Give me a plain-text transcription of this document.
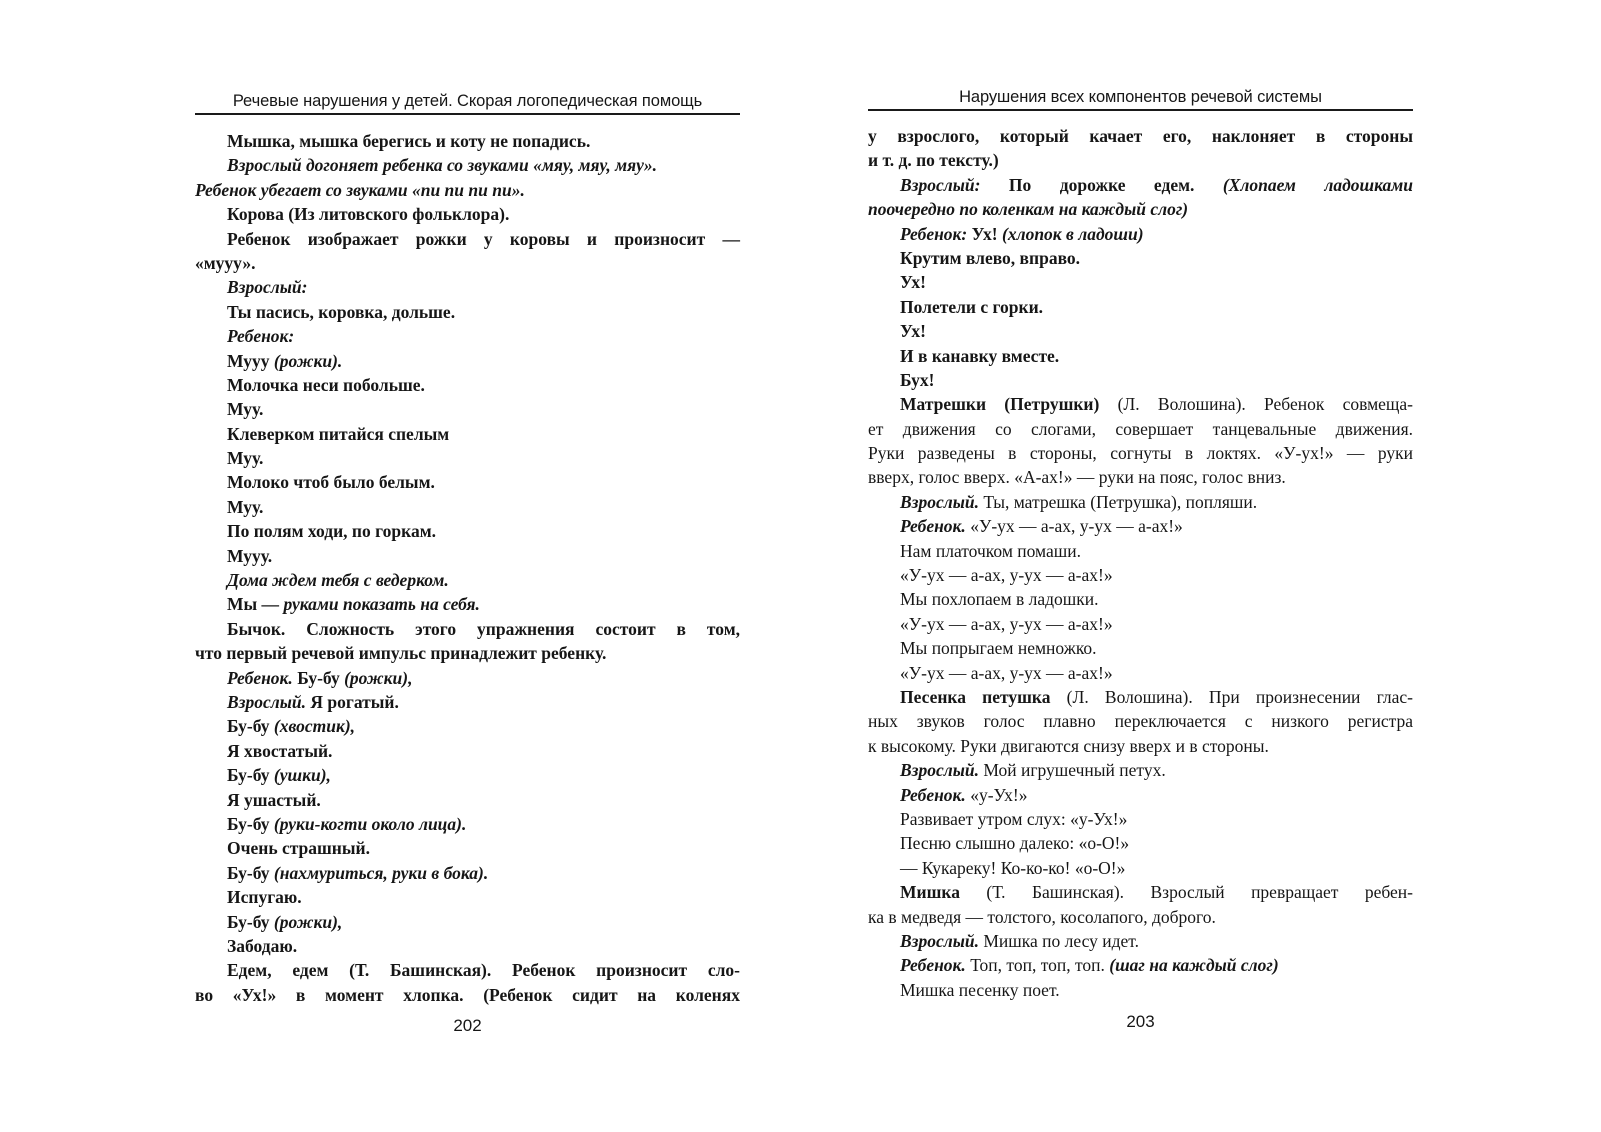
Речевые нарушения у детей. Скорая логопедическая помощь
Мышка, мышка берегись и коту не попадись.
Взрослый догоняет ребенка со звуками «мяу, мяу, мяу».
Ребенок убегает со звуками «пи пи пи пи».
Корова (Из литовского фольклора).
Ребенок изображает рожки у коровы и произносит —
«мууу».
Взрослый:
Ты пасись, коровка, дольше.
Ребенок:
Мууу (рожки).
Молочка неси побольше.
Муу.
Клеверком питайся спелым
Муу.
Молоко чтоб было белым.
Муу.
По полям ходи, по горкам.
Мууу.
Дома ждем тебя с ведерком.
Мы — руками показать на себя.
Бычок. Сложность этого упражнения состоит в том,
что первый речевой импульс принадлежит ребенку.
Ребенок. Бу-бу (рожки),
Взрослый. Я рогатый.
Бу-бу (хвостик),
Я хвостатый.
Бу-бу (ушки),
Я ушастый.
Бу-бу (руки-когти около лица).
Очень страшный.
Бу-бу (нахмуриться, руки в бока).
Испугаю.
Бу-бу (рожки),
Забодаю.
Едем, едем (Т. Башинская). Ребенок произносит сло-
во «Ух!» в момент хлопка. (Ребенок сидит на коленях
202
Нарушения всех компонентов речевой системы
у взрослого, который качает его, наклоняет в стороны
и т. д. по тексту.)
Взрослый: По дорожке едем. (Хлопаем ладошками
поочередно по коленкам на каждый слог)
Ребенок: Ух! (хлопок в ладоши)
Крутим влево, вправо.
Ух!
Полетели с горки.
Ух!
И в канавку вместе.
Бух!
Матрешки (Петрушки) (Л. Волошина). Ребенок совмеща-
ет движения со слогами, совершает танцевальные движения.
Руки разведены в стороны, согнуты в локтях. «У-ух!» — руки
вверх, голос вверх. «А-ах!» — руки на пояс, голос вниз.
Взрослый. Ты, матрешка (Петрушка), попляши.
Ребенок. «У-ух — а-ах, у-ух — а-ах!»
Нам платочком помаши.
«У-ух — а-ах, у-ух — а-ах!»
Мы похлопаем в ладошки.
«У-ух — а-ах, у-ух — а-ах!»
Мы попрыгаем немножко.
«У-ух — а-ах, у-ух — а-ах!»
Песенка петушка (Л. Волошина). При произнесении глас-
ных звуков голос плавно переключается с низкого регистра
к высокому. Руки двигаются снизу вверх и в стороны.
Взрослый. Мой игрушечный петух.
Ребенок. «у-Ух!»
Развивает утром слух: «у-Ух!»
Песню слышно далеко: «о-О!»
— Кукареку! Ко-ко-ко! «о-О!»
Мишка (Т. Башинская). Взрослый превращает ребен-
ка в медведя — толстого, косолапого, доброго.
Взрослый. Мишка по лесу идет.
Ребенок. Топ, топ, топ, топ. (шаг на каждый слог)
Мишка песенку поет.
203
